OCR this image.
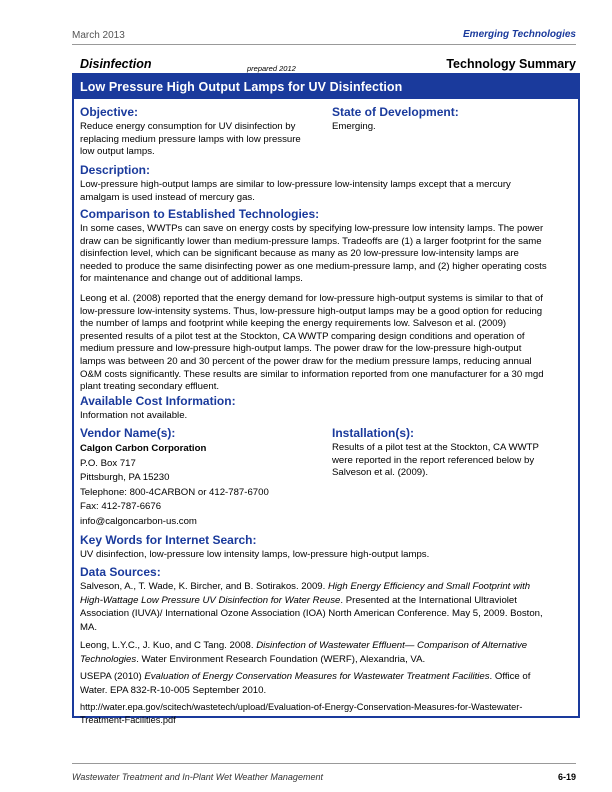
March 2013	Emerging Technologies
Disinfection	prepared 2012	Technology Summary
Low Pressure High Output Lamps for UV Disinfection
Objective:
Reduce energy consumption for UV disinfection by
replacing medium pressure lamps with low pressure
low output lamps.
State of Development:
Emerging.
Description:
Low-pressure high-output lamps are similar to low-pressure low-intensity lamps except that a mercury
amalgam is used instead of mercury gas.
Comparison to Established Technologies:
In some cases, WWTPs can save on energy costs by specifying low-pressure low intensity lamps. The power
draw can be significantly lower than medium-pressure lamps. Tradeoffs are (1) a larger footprint for the same
disinfection level, which can be significant because as many as 20 low-pressure low-intensity lamps are
needed to produce the same disinfecting power as one medium-pressure lamp, and (2) higher operating costs
for maintenance and change out of additional lamps.
Leong et al. (2008) reported that the energy demand for low-pressure high-output systems is similar to that of
low-pressure low-intensity systems. Thus, low-pressure high-output lamps may be a good option for reducing
the number of lamps and footprint while keeping the energy requirements low. Salveson et al. (2009)
presented results of a pilot test at the Stockton, CA WWTP comparing design conditions and operation of
medium pressure and low-pressure high-output lamps. The power draw for the low-pressure high-output
lamps was between 20 and 30 percent of the power draw for the medium pressure lamps, reducing annual
O&M costs significantly. These results are similar to information reported from one manufacturer for a 30 mgd
plant treating secondary effluent.
Available Cost Information:
Information not available.
Vendor Name(s):
Calgon Carbon Corporation
P.O. Box 717
Pittsburgh, PA 15230
Telephone: 800-4CARBON or 412-787-6700
Fax: 412-787-6676
info@calgoncarbon-us.com
Installation(s):
Results of a pilot test at the Stockton, CA WWTP
were reported in the report referenced below by
Salveson et al. (2009).
Key Words for Internet Search:
UV disinfection, low-pressure low intensity lamps, low-pressure high-output lamps.
Data Sources:
Salveson, A., T. Wade, K. Bircher, and B. Sotirakos. 2009. High Energy Efficiency and Small Footprint with
High-Wattage Low Pressure UV Disinfection for Water Reuse. Presented at the International Ultraviolet
Association (IUVA)/ International Ozone Association (IOA) North American Conference. May 5, 2009. Boston,
MA.
Leong, L.Y.C., J. Kuo, and C Tang. 2008. Disinfection of Wastewater Effluent— Comparison of Alternative
Technologies. Water Environment Research Foundation (WERF), Alexandria, VA.
USEPA (2010) Evaluation of Energy Conservation Measures for Wastewater Treatment Facilities. Office of
Water. EPA 832-R-10-005 September 2010.
http://water.epa.gov/scitech/wastetech/upload/Evaluation-of-Energy-Conservation-Measures-for-Wastewater-
Treatment-Facilities.pdf
Wastewater Treatment and In-Plant Wet Weather Management	6-19
